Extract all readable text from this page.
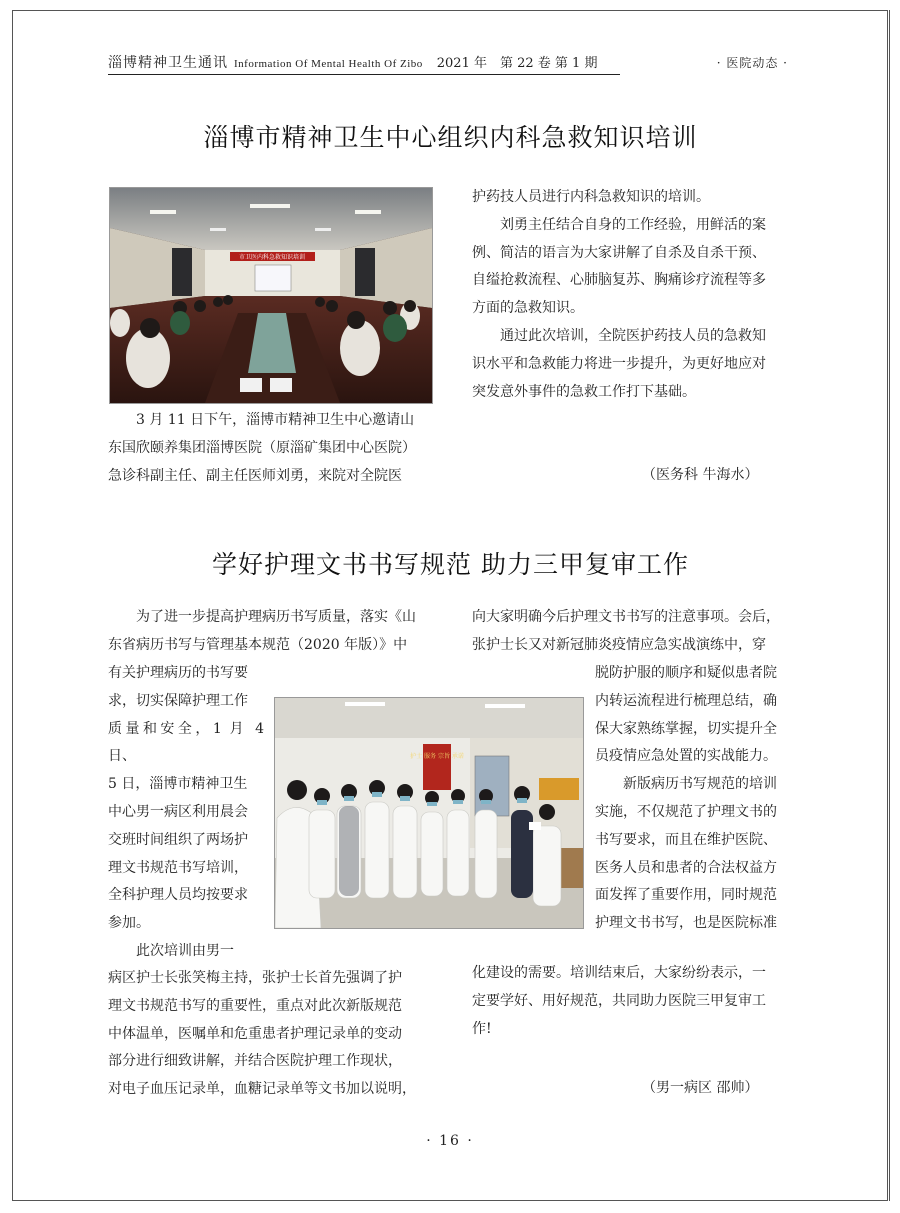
淄博精神卫生通讯 Information Of Mental Health Of Zibo 2021 年　第 22 卷 第 1 期	· 医院动态 ·
淄博市精神卫生中心组织内科急救知识培训
市卫医内科急救知识培训

3 月 11 日下午，淄博市精神卫生中心邀请山

东国欣颐养集团淄博医院（原淄矿集团中心医院）

急诊科副主任、副主任医师刘勇，来院对全院医

护药技人员进行内科急救知识的培训。

刘勇主任结合自身的工作经验，用鲜活的案

例、简洁的语言为大家讲解了自杀及自杀干预、

自缢抢救流程、心肺脑复苏、胸痛诊疗流程等多

方面的急救知识。

通过此次培训，全院医护药技人员的急救知

识水平和急救能力将进一步提升，为更好地应对

突发意外事件的急救工作打下基础。

（医务科 牛海水）
学好护理文书书写规范 助力三甲复审工作

为了进一步提高护理病历书写质量，落实《山

东省病历书写与管理基本规范（2020 年版）》中

有关护理病历的书写要

求，切实保障护理工作

质量和安全，1 月 4 日、

5 日，淄博市精神卫生

中心男一病区利用晨会

交班时间组织了两场护

理文书规范书写培训，

全科护理人员均按要求

参加。

此次培训由男一

护士 服务 宗旨 承诺

病区护士长张笑梅主持，张护士长首先强调了护

理文书规范书写的重要性，重点对此次新版规范

中体温单，医嘱单和危重患者护理记录单的变动

部分进行细致讲解，并结合医院护理工作现状，

对电子血压记录单，血糖记录单等文书加以说明，

向大家明确今后护理文书书写的注意事项。会后，

张护士长又对新冠肺炎疫情应急实战演练中，穿

脱防护服的顺序和疑似患者院

内转运流程进行梳理总结，确

保大家熟练掌握，切实提升全

员疫情应急处置的实战能力。

新版病历书写规范的培训

实施，不仅规范了护理文书的

书写要求，而且在维护医院、

医务人员和患者的合法权益方

面发挥了重要作用，同时规范

护理文书书写，也是医院标准

化建设的需要。培训结束后，大家纷纷表示，一

定要学好、用好规范，共同助力医院三甲复审工

作!

（男一病区 邵帅）
· 16 ·
